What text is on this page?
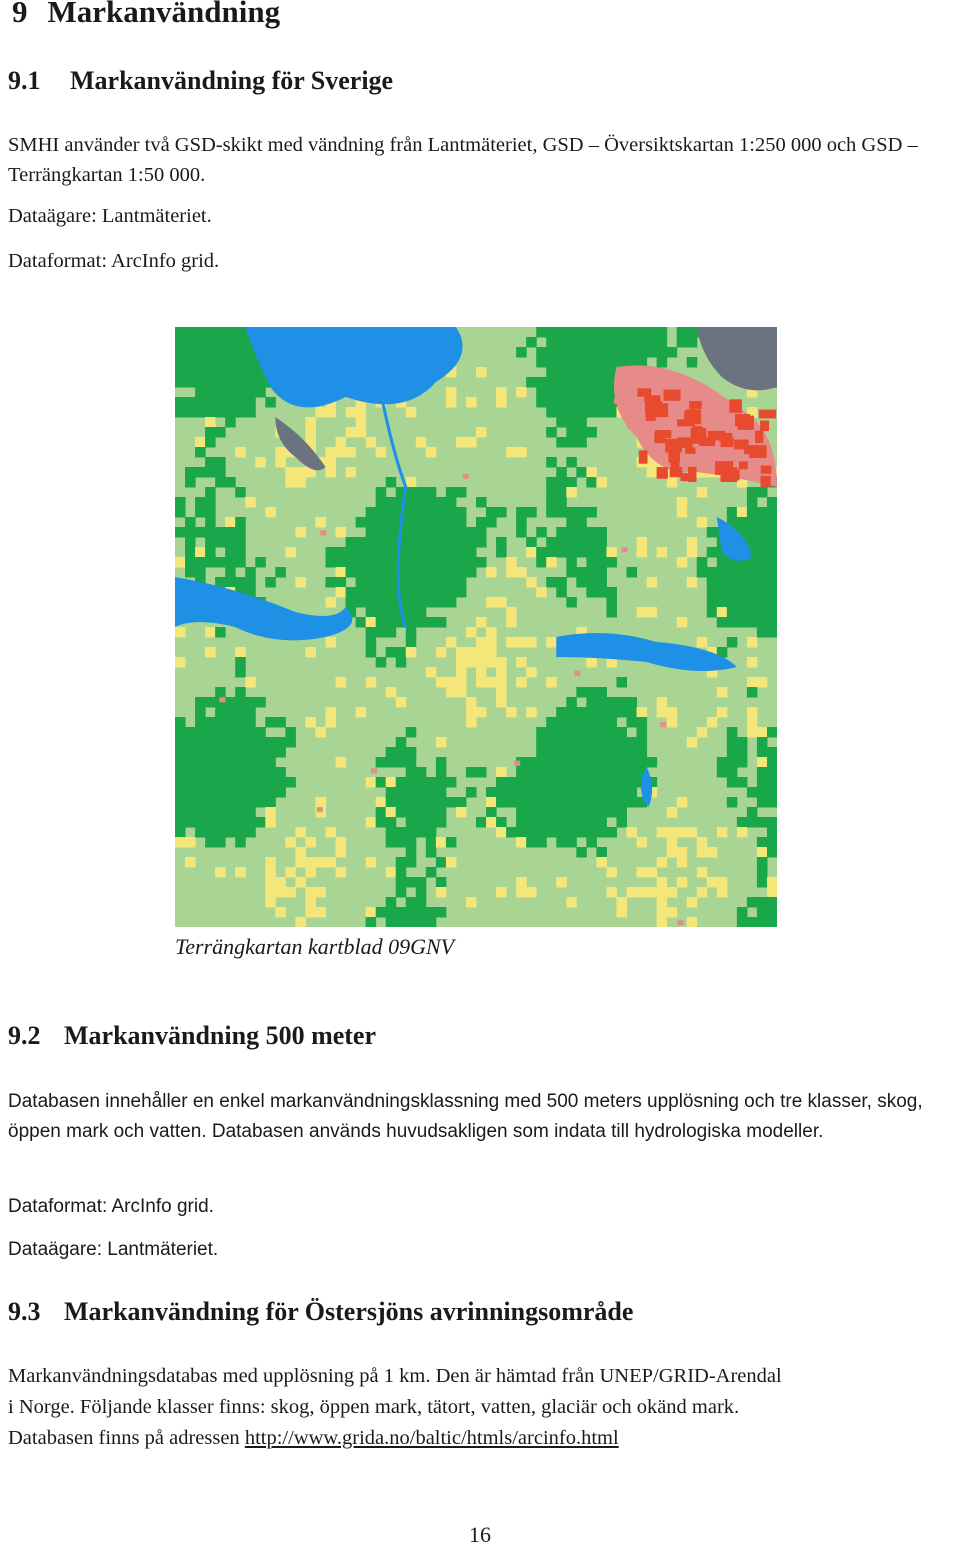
9 Markanvändning
9.1 Markanvändning för Sverige

SMHI använder två GSD-skikt med vändning från Lantmäteriet, GSD – Översiktskartan 1:250 000 och GSD – Terrängkartan 1:50 000.

Dataägare: Lantmäteriet.

Dataformat: ArcInfo grid.

Terrängkartan kartblad 09GNV
9.2 Markanvändning 500 meter

Databasen innehåller en enkel markanvändningsklassning med 500 meters upplösning och tre klasser, skog, öppen mark och vatten. Databasen används huvudsakligen som indata till hydrologiska modeller.

Dataformat: ArcInfo grid.

Dataägare: Lantmäteriet.

9.3 Markanvändning för Östersjöns avrinningsområde

Markanvändningsdatabas med upplösning på 1 km. Den är hämtad från UNEP/GRID-Arendal

i Norge. Följande klasser finns: skog, öppen mark, tätort, vatten, glaciär och okänd mark.

Databasen finns på adressen http://www.grida.no/baltic/htmls/arcinfo.html

16
